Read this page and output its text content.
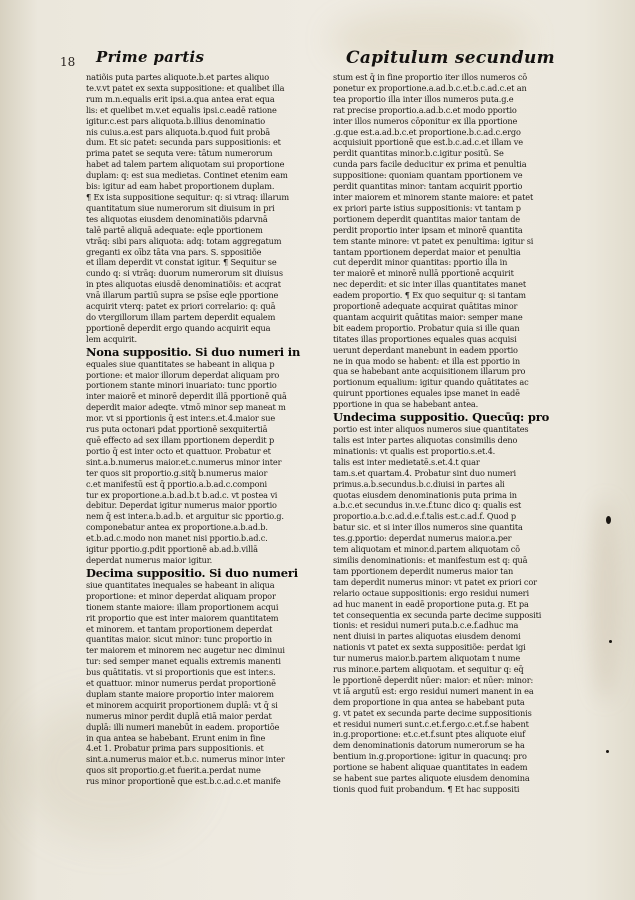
18 Prime partis	Capitulum secundum
natiõis puta partes aliquote.b.et partes aliquo
te.v.vt patet ex sexta suppositione: et qualibet illa
rum m.n.equalis erit ipsi.a.qua antea erat equa
lis: et quelibet m.v.et equalis ipsi.c.eadē ratione
igitur.c.est pars aliquota.b.illius denominatio
nis cuius.a.est pars aliquota.b.quod fuit probā
dum. Et sic patet: secunda pars suppositionis: et
prima patet se sequta vere: tātum numerorum
habet ad talem partem aliquotam sui proportione
duplam: q: est sua medietas. Continet etenim eam
bis: igitur ad eam habet proportionem duplam.
¶ Ex ista suppositione sequitur: q: si vtraq: illarum
quantitatum siue numerorum sit diuisum in pri
tes aliquotas eiusdem denominatiõis pdarvnā
talē partē aliquā adequate: eqle pportionem
vtrāq: sibi pars aliquota: adq: totam aggregatum
greganti ex oībz tāta vna pars. S. sppositiõe
et illam deperdit vt constat igitur. ¶ Sequitur se
cundo q: si vtrāq: duorum numerorum sit diuisus
in ptes aliquotas eiusdē denominatiõis: et acqrat
vnā illarum partiū supra se psīse eqle pportione
acquirit vterq: patet ex priori correlario: q: quā
do vtergillorum illam partem deperdit equalem
pportionē deperdit ergo quando acquirit equa
lem acquirit.
Nona suppositio. Si duo numeri in
equales siue quantitates se habeant in aliqua p
portione: et maior illorum deperdat aliquam pro
portionem stante minori inuariato: tunc pportio
inter maiorē et minorē deperdit illā pportionē quā
deperdit maior adeqte. vt̄mō minor sep maneat m
mor. vt si pportionis q̄ est inter.s.et.4.maior sue
rus puta octonari pdat pportionē sexquitertiā
quē effecto ad sex illam pportionem deperdit p
portio q̄ est inter octo et quattuor. Probatur et
sint.a.b.numerus maior.et.c.numerus minor inter
ter quos sit proportio.g.sitq̃ b.numerus maior
c.et manifestū est q̄ pportio.a.b.ad.c.componi
tur ex proportione.a.b.ad.b.t b.ad.c. vt postea vi
debitur. Deperdat igitur numerus maior pportio
nem q̄ est inter.a.b.ad.b. et arguitur sic pportio.g.
componebatur antea ex proportione.a.b.ad.b.
et.b.ad.c.modo non manet nisi pportio.b.ad.c.
igitur pportio.g.pdit pportionē ab.ad.b.villā
deperdat numerus maior igitur.
Decima suppositio. Si duo numeri
siue quantitates inequales se habeant in aliqua
proportione: et minor deperdat aliquam propor
tionem stante maiore: illam proportionem acqui
rit proportio que est inter maiorem quantitatem
et minorem. et tantam proportionem deperdat
quantitas maior. sicut minor: tunc proportio in
ter maiorem et minorem nec augetur nec diminui
tur: sed semper manet equalis extremis manenti
bus quātitatis. vt si proportionis que est inter.s.
et quattuor. minor numerus perdat proportionē
duplam stante maiore proportio inter maiorem
et minorem acquirit proportionem duplā: vt q̄ si
numerus minor perdit duplā etiā maior perdat
duplā: illi numeri manebūt in eadem. proportiōe
in qua antea se habebant. Erunt enim in fine
4.et 1. Probatur prima pars suppositionis. et
sint.a.numerus maior et.b.c. numerus minor inter
quos sit proportio.g.et fuerit.a.perdat nume
rus minor proportionē que est.b.c.ad.c.et manife
stum est q̄ in fine proportio iter illos numeros cō
ponetur ex proportione.a.ad.b.c.et.b.c.ad.c.et an
tea proportio illa inter illos numeros puta.g.e
rat precise proportio.a.ad.b.c.et modo pportio
inter illos numeros cōponitur ex illa pportione
.g.que est.a.ad.b.c.et proportione.b.c.ad.c.ergo
acquisiuit pportionē que est.b.c.ad.c.et illam ve
perdit quantitas minor.b.c.igitur positū. Se
cunda pars facile deducitur ex prima et penultia
suppositione: quoniam quantam pportionem ve
perdit quantitas minor: tantam acquirit pportio
inter maiorem et minorem stante maiore: et patet
ex priori parte istius suppositionis: vt tantam p
portionem deperdit quantitas maior tantam de
perdit proportio inter ipsam et minorē quantita
tem stante minore: vt patet ex penultima: igitur si
tantam pportionem deperdat maior et penultia
cut deperdit minor quantitas: pportio illa in
ter maiorē et minorē nullā pportionē acquirit
nec deperdit: et sic inter illas quantitates manet
eadem proportio. ¶ Ex quo sequitur q: si tantam
proportionē adequate acquirat quātitas minor
quantam acquirit quātitas maior: semper mane
bit eadem proportio. Probatur quia si ille quan
titates illas proportiones equales quas acquisi
uerunt deperdant manebunt in eadem pportio
ne in qua modo se habent: et illa est pportio in
qua se habebant ante acquisitionem illarum pro
portionum equalium: igitur quando quātitates ac
quirunt pportiones equales ipse manet in eadē
pportione in qua se habebant antea.
Undecima suppositio. Quecūq: pro
portio est inter aliquos numeros siue quantitates
talis est inter partes aliquotas consimilis deno
minationis: vt qualis est proportio.s.et.4.
talis est inter medietatē.s.et.4.t quar
tam.s.et quartam.4. Probatur sint duo numeri
primus.a.b.secundus.b.c.diuisi in partes ali
quotas eiusdem denominationis puta prima in
a.b.c.et secundus in.v.e.f.tunc dico q: qualis est
proportio.a.b.c.ad.d.e.f.talis est.c.ad.f. Quod p
batur sic. et si inter illos numeros sine quantita
tes.g.pportio: deperdat numerus maior.a.per
tem aliquotam et minor.d.partem aliquotam cō
similis denominationis: et manifestum est q: quā
tam pportionem deperdit numerus maior tan
tam deperdit numerus minor: vt patet ex priori cor
relario octaue suppositionis: ergo residui numeri
ad huc manent in eadē proportione puta.g. Et pa
tet consequentia ex secunda parte decime suppositi
tionis: et residui numeri puta.b.c.e.f.adhuc ma
nent diuisi in partes aliquotas eiusdem denomi
nationis vt patet ex sexta suppositiõe: perdat igi
tur numerus maior.b.partem aliquotam t nume
rus minor.e.partem aliquotam. et sequitur q: eq̄
le pportionē deperdit nūer: maior: et nūer: minor:
vt iā argutū est: ergo residui numeri manent in ea
dem proportione in qua antea se habebant puta
g. vt patet ex secunda parte decime suppositionis
et residui numeri sunt.c.et.f.ergo.c.et.f.se habent
in.g.proportione: et.c.et.f.sunt ptes aliquote eiuf
dem denominationis datorum numerorum se ha
bentium in.g.proportione: igitur in quacunq: pro
portione se habent aliquae quantitates in eadem
se habent sue partes aliquote eiusdem denomina
tionis quod fuit probandum. ¶ Et hac suppositi
